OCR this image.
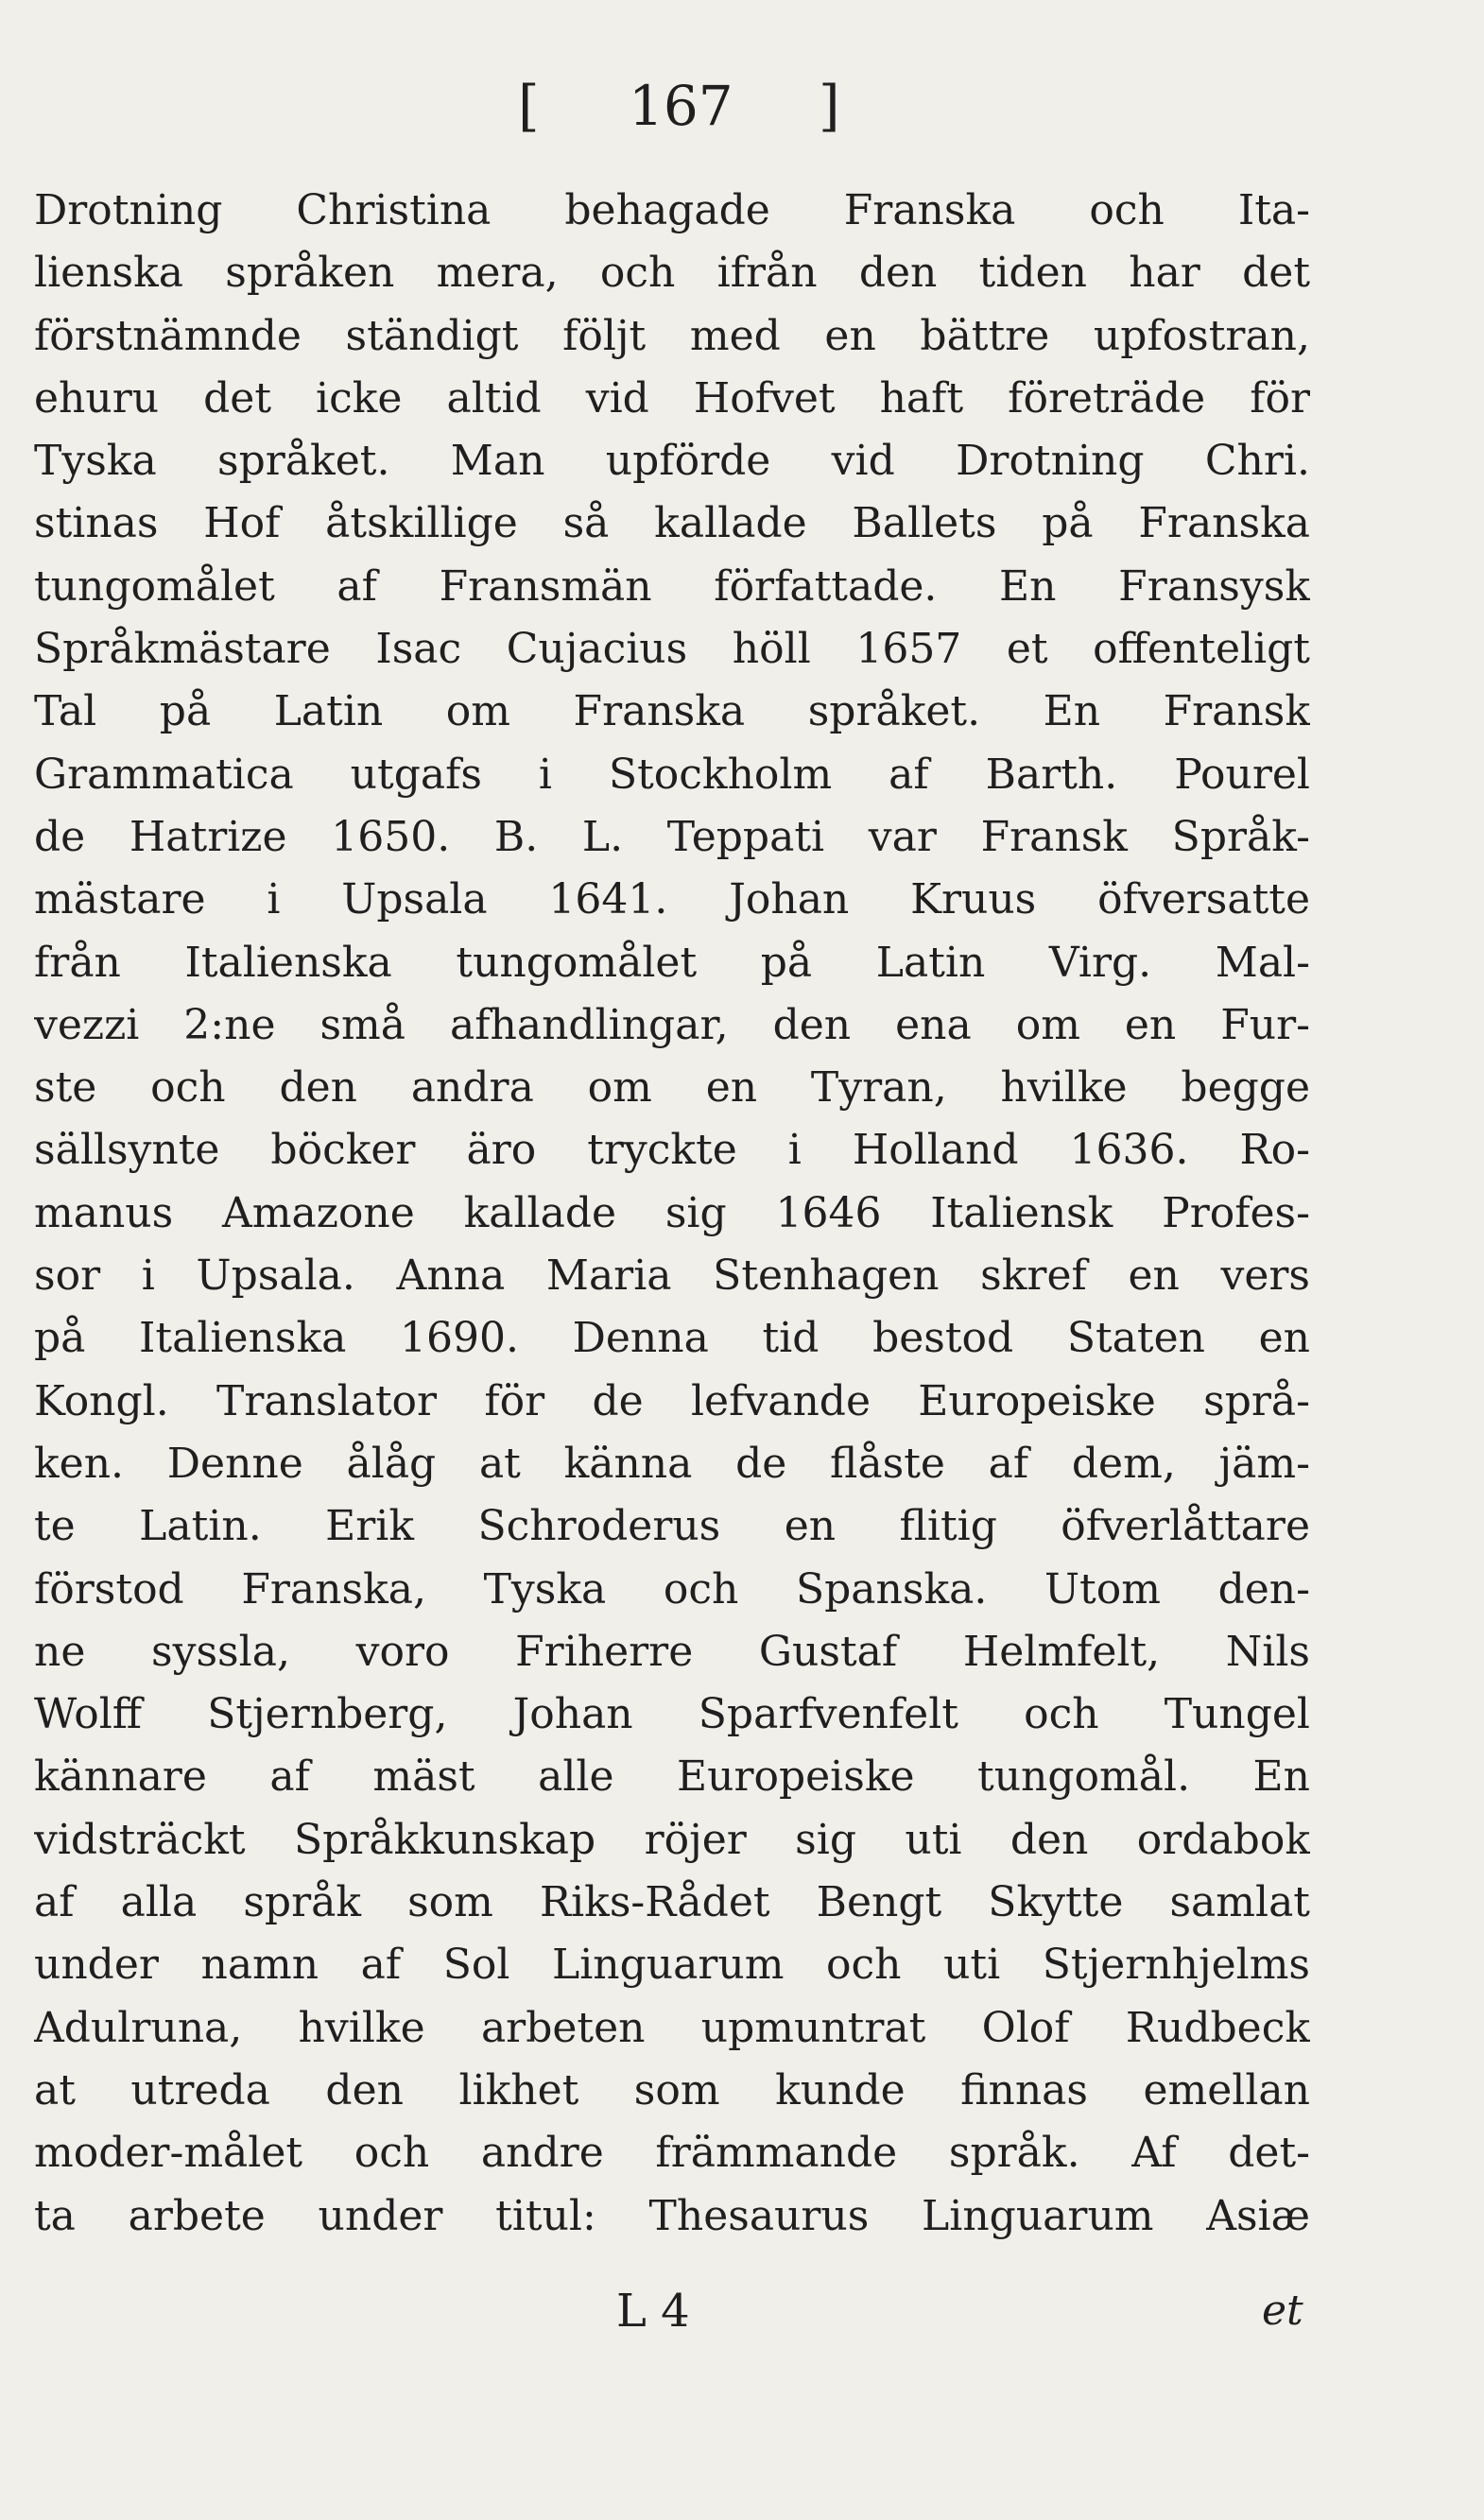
[ 167 ]
Drotning Christina behagade Franska och Ita-
lienska språken mera, och ifrån den tiden har det
förstnämnde ständigt följt med en bättre upfostran,
ehuru det icke altid vid Hofvet haft företräde för
Tyska språket. Man upförde vid Drotning Chri.
stinas Hof åtskillige så kallade Ballets på Franska
tungomålet af Fransmän författade. En Fransysk
Språkmästare Isac Cujacius höll 1657 et offenteligt
Tal på Latin om Franska språket. En Fransk
Grammatica utgafs i Stockholm af Barth. Pourel
de Hatrize 1650. B. L. Teppati var Fransk Språk-
mästare i Upsala 1641. Johan Kruus öfversatte
från Italienska tungomålet på Latin Virg. Mal-
vezzi 2:ne små afhandlingar, den ena om en Fur-
ste och den andra om en Tyran, hvilke begge
sällsynte böcker äro tryckte i Holland 1636. Ro-
manus Amazone kallade sig 1646 Italiensk Profes-
sor i Upsala. Anna Maria Stenhagen skref en vers
på Italienska 1690. Denna tid bestod Staten en
Kongl. Translator för de lefvande Europeiske språ-
ken. Denne ålåg at känna de flåste af dem, jäm-
te Latin. Erik Schroderus en flitig öfverlåttare
förstod Franska, Tyska och Spanska. Utom den-
ne syssla, voro Friherre Gustaf Helmfelt, Nils
Wolff Stjernberg, Johan Sparfvenfelt och Tungel
kännare af mäst alle Europeiske tungomål. En
vidsträckt Språkkunskap röjer sig uti den ordabok
af alla språk som Riks-Rådet Bengt Skytte samlat
under namn af Sol Linguarum och uti Stjernhjelms
Adulruna, hvilke arbeten upmuntrat Olof Rudbeck
at utreda den likhet som kunde finnas emellan
moder-målet och andre främmande språk. Af det-
ta arbete under titul: Thesaurus Linguarum Asiæ
L 4	et
